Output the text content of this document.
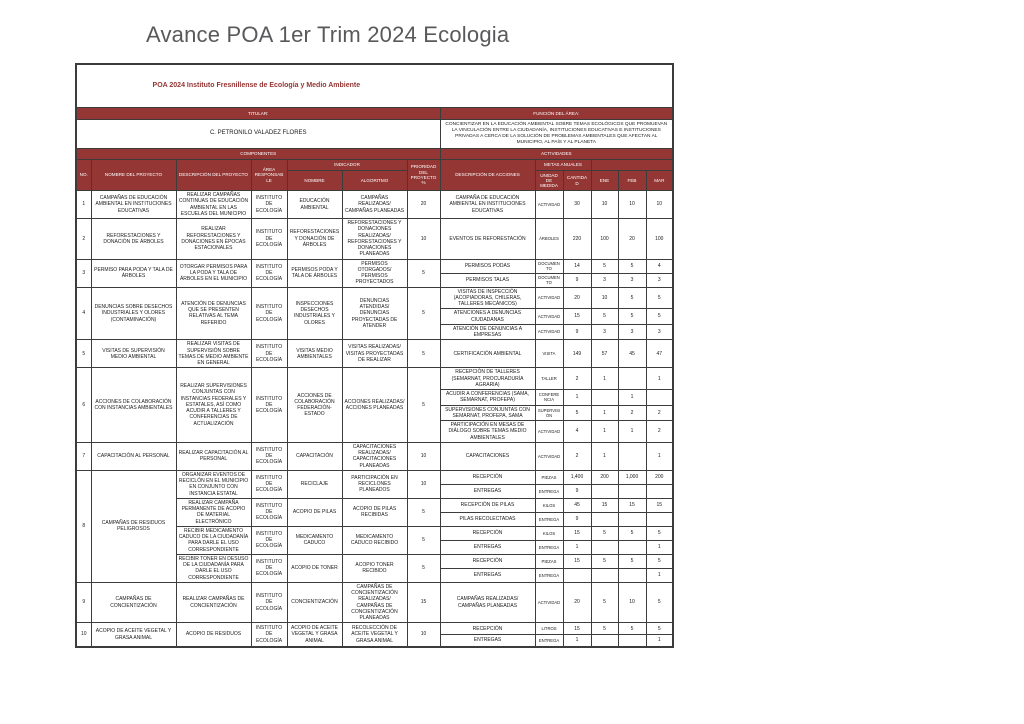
Avance POA 1er Trim 2024 Ecologia
POA 2024 Instituto Fresnillense de Ecología y Medio Ambiente												

TITULAR:							FUNCIÓN DEL ÁREA:					
C. PETRONILO VALADEZ FLORES							CONCIENTIZAR EN LA EDUCACIÓN AMBIENTAL SOBRE TEMAS ECOLÓGICOS QUE PROMUEVAN LA VINCULACIÓN ENTRE LA CIUDADANÍA, INSTITUCIONES EDUCATIVAS E INSTITUCIONES PRIVADAS A CERCA DE LA SOLUCIÓN DE PROBLEMAS AMBIENTALES QUE AFECTAN AL MUNICIPIO, AL PAÍS Y AL PLANETA					
COMPONENTES							ACTIVIDADES					
NO.	NOMBRE DEL PROYECTO	DESCRIPCIÓN DEL PROYECTO	ÁREA RESPONSABLE	INDICADOR		PRIORIDAD DEL PROYECTO %	DESCRIPCIÓN DE ACCIONES	METAS ANUALES				
				NOMBRE	ALGORITMO			UNIDAD DE MEDIDA	CANTIDAD	ENE	FEB	MAR
1	CAMPAÑAS DE EDUCACIÓN AMBIENTAL EN INSTITUCIONES EDUCATIVAS	REALIZAR CAMPAÑAS CONTINUAS DE EDUCACIÓN AMBIENTAL EN LAS ESCUELAS DEL MUNICIPIO	INSTITUTO DE ECOLOGÍA	EDUCACIÓN AMBIENTAL	CAMPAÑAS REALIZADAS/ CAMPAÑAS PLANEADAS	20	CAMPAÑA DE EDUCACIÓN AMBIENTAL EN INSTITUCIONES EDUCATIVAS	ACTIVIDAD	30	10	10	10
2	REFORESTACIONES Y DONACIÓN DE ÁRBOLES	REALIZAR REFORESTACIONES Y DONACIONES EN ÉPOCAS ESTACIONALES	INSTITUTO DE ECOLOGÍA	REFORESTACIONES Y DONACIÓN DE ÁRBOLES	REFORESTACIONES Y DONACIONES REALIZADAS/ REFORESTACIONES Y DONACIONES PLANEADAS	10	EVENTOS DE REFORESTACIÓN	ÁRBOLES	220	100	20	100
3	PERMISO PARA PODA Y TALA DE ÁRBOLES	OTORGAR PERMISOS PARA LA PODA Y TALA DE ÁRBOLES EN EL MUNICIPIO	INSTITUTO DE ECOLOGÍA	PERMISOS PODA Y TALA DE ÁRBOLES	PERMISOS OTORGADOS/ PERMISOS PROYECTADOS	5	PERMISOS PODAS	DOCUMENTO	14	5	5	4
							PERMISOS TALAS	DOCUMENTO	9	3	3	3
4	DENUNCIAS SOBRE DESECHOS INDUSTRIALES Y OLORES (CONTAMINACIÓN)	ATENCIÓN DE DENUNCIAS QUE SE PRESENTEN RELATIVAS AL TEMA REFERIDO	INSTITUTO DE ECOLOGÍA	INSPECCIONES DESECHOS INDUSTRIALES Y OLORES	DENUNCIAS ATENDIDAS/ DENUNCIAS PROYECTADAS DE ATENDER	5	VISITAS DE INSPECCIÓN (ACOPIADORAS, CHILERAS, TALLERES MECÁNICOS)	ACTIVIDAD	20	10	5	5
							ATENCIONES A DENUNCIAS CIUDADANAS	ACTIVIDAD	15	5	5	5
							ATENCIÓN DE DENUNCIAS A EMPRESAS	ACTIVIDAD	9	3	3	3
5	VISITAS DE SUPERVISIÓN MEDIO AMBIENTAL	REALIZAR VISITAS DE SUPERVISIÓN SOBRE TEMAS DE MEDIO AMBIENTE EN GENERAL	INSTITUTO DE ECOLOGÍA	VISITAS MEDIO AMBIENTALES	VISITAS REALIZADAS/ VISITAS PROYECTADAS DE REALIZAR	5	CERTIFICACIÓN AMBIENTAL	VISITA	149	57	45	47
6	ACCIONES DE COLABORACIÓN CON INSTANCIAS AMBIENTALES	REALIZAR SUPERVISIONES CONJUNTAS CON INSTANCIAS FEDERALES Y ESTATALES, ASÍ COMO ACUDIR A TALLERES Y CONFERENCIAS DE ACTUALIZACIÓN	INSTITUTO DE ECOLOGÍA	ACCIONES DE COLABORACIÓN FEDERACIÓN-ESTADO	ACCIONES REALIZADAS/ ACCIONES PLANEADAS	5	RECEPCIÓN DE TALLERES (SEMARNAT, PROCURADURÍA AGRARIA)	TALLER	2	1		1
							ACUDIR A CONFERENCIAS (SAMA, SEMARNAT, PROFEPA)	CONFERENCIA	1		1	
							SUPERVISIONES CONJUNTAS CON SEMARNAT, PROFEPA, SAMA	SUPERVISIÓN	5	1	2	2
							PARTICIPACIÓN EN MESAS DE DIÁLOGO SOBRE TEMAS MEDIO AMBIENTALES	ACTIVIDAD	4	1	1	2
7	CAPACITACIÓN AL PERSONAL	REALIZAR CAPACITACIÓN AL PERSONAL	INSTITUTO DE ECOLOGÍA	CAPACITACIÓN	CAPACITACIONES REALIZADAS/ CAPACITACIONES PLANEADAS	10	CAPACITACIONES	ACTIVIDAD	2	1		1
8	CAMPAÑAS DE RESIDUOS PELIGROSOS	ORGANIZAR EVENTOS DE RECICLÓN EN EL MUNICIPIO EN CONJUNTO CON INSTANCIA ESTATAL	INSTITUTO DE ECOLOGÍA	RECICLAJE	PARTICIPACIÓN EN RECICLONES PLANEADOS	10	RECEPCIÓN	PIEZAS	1,400	200	1,000	200
							ENTREGAS	ENTREGA	9			
		REALIZAR CAMPAÑA PERMANENTE DE ACOPIO DE MATERIAL ELECTRÓNICO	INSTITUTO DE ECOLOGÍA	ACOPIO DE PILAS	ACOPIO DE PILAS RECIBIDAS	5	RECEPCIÓN DE PILAS	KILOS	45	15	15	15
							PILAS RECOLECTADAS	ENTREGA	9			
		RECIBIR MEDICAMENTO CADUCO DE LA CIUDADANÍA PARA DARLE EL USO CORRESPONDIENTE	INSTITUTO DE ECOLOGÍA	MEDICAMENTO CADUCO	MEDICAMENTO CADUCO RECIBIDO	5	RECEPCIÓN	KILOS	15	5	5	5
							ENTREGAS	ENTREGA	1			1
		RECIBIR TONER EN DESUSO DE LA CIUDADANÍA PARA DARLE EL USO CORRESPONDIENTE	INSTITUTO DE ECOLOGÍA	ACOPIO DE TONER	ACOPIO TONER RECIBIDO	5	RECEPCIÓN	PIEZAS	15	5	5	5
							ENTREGAS	ENTREGA				1
9	CAMPAÑAS DE CONCIENTIZACIÓN	REALIZAR CAMPAÑAS DE CONCIENTIZACIÓN	INSTITUTO DE ECOLOGÍA	CONCIENTIZACIÓN	CAMPAÑAS DE CONCIENTIZACIÓN REALIZADAS/ CAMPAÑAS DE CONCIENTIZACIÓN PLANEADAS	15	CAMPAÑAS REALIZADAS/ CAMPAÑAS PLANEADAS	ACTIVIDAD	20	5	10	5
10	ACOPIO DE ACEITE VEGETAL Y GRASA ANIMAL	ACOPIO DE RESIDUOS	INSTITUTO DE ECOLOGÍA	ACOPIO DE ACEITE VEGETAL Y GRASA ANIMAL	RECOLECCIÓN DE ACEITE VEGETAL Y GRASA ANIMAL	10	RECEPCIÓN	LITROS	15	5	5	5
							ENTREGAS	ENTREGA	1			1
